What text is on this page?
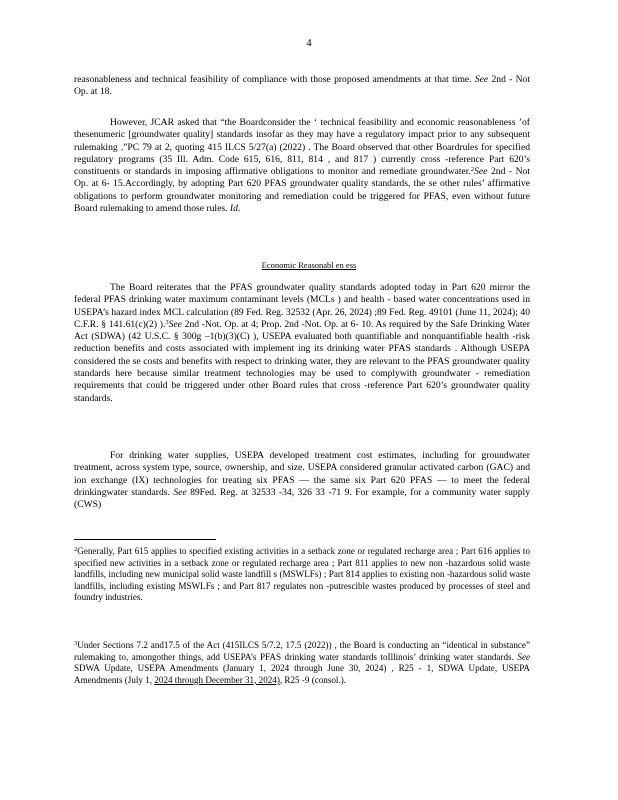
4

reasonableness and technical feasibility of compliance with those proposed amendments at that time. See 2nd - Not Op. at 18.

However, JCAR asked that “the Boardconsider the ‘ technical feasibility and economic reasonableness ’of thesenumeric [groundwater quality] standards insofar as they may have a regulatory impact prior to any subsequent rulemaking .”PC 79 at 2, quoting 415 ILCS 5/27(a) (2022) . The Board observed that other Boardrules for specified regulatory programs (35 Ill. Adm. Code 615, 616, 811, 814 , and 817 ) currently cross -reference Part 620’s constituents or standards in imposing affirmative obligations to monitor and remediate groundwater.$^2$See 2nd - Not Op. at 6- 15.Accordingly, by adopting Part 620 PFAS groundwater quality standards, the se other rules’ affirmative obligations to perform groundwater monitoring and remediation could be triggered for PFAS, even without future Board rulemaking to amend those rules. Id.

Economic Reasonabl en ess

The Board reiterates that the PFAS groundwater quality standards adopted today in Part 620 mirror the federal PFAS drinking water maximum contaminant levels (MCLs ) and health - based water concentrations used in USEPA’s hazard index MCL calculation (89 Fed. Reg. 32532 (Apr. 26, 2024) ;89 Fed. Reg. 49101 (June 11, 2024); 40 C.F.R. § 141.61(c)(2) ).$^3$See 2nd -Not. Op. at 4; Prop. 2nd -Not. Op. at 6- 10. As required by the Safe Drinking Water Act (SDWA) (42 U.S.C. § 300g –1(b)(3)(C) ), USEPA evaluated both quantifiable and nonquantifiable health -risk reduction benefits and costs associated with implement ing its drinking water PFAS standards . Although USEPA considered the se costs and benefits with respect to drinking water, they are relevant to the PFAS groundwater quality standards here because similar treatment technologies may be used to complywith groundwater - remediation requirements that could be triggered under other Board rules that cross -reference Part 620’s groundwater quality standards.

For drinking water supplies, USEPA developed treatment cost estimates, including for groundwater treatment, across system type, source, ownership, and size. USEPA considered granular activated carbon (GAC) and ion exchange (IX) technologies for treating six PFAS — the same six Part 620 PFAS — to meet the federal drinkingwater standards. See 89Fed. Reg. at 32533 -34, 326 33 -71 9. For example, for a community water supply (CWS)

$^2$Generally, Part 615 applies to specified existing activities in a setback zone or regulated recharge area ; Part 616 applies to specified new activities in a setback zone or regulated recharge area ; Part 811 applies to new non -hazardous solid waste landfills, including new municipal solid waste landfill s (MSWLFs) ; Part 814 applies to existing non -hazardous solid waste landfills, including existing MSWLFs ; and Part 817 regulates non -putrescible wastes produced by processes of steel and foundry industries.

$^3$Under Sections 7.2 and17.5 of the Act (415ILCS 5/7.2, 17.5 (2022)) , the Board is conducting an “identical in substance” rulemaking to, amongother things, add USEPA’s PFAS drinking water standards toIllinois’ drinking water standards. See SDWA Update, USEPA Amendments (January 1, 2024 through June 30, 2024) , R25 - 1, SDWA Update, USEPA Amendments (July 1, 2024 through December 31, 2024), R25 -9 (consol.).
